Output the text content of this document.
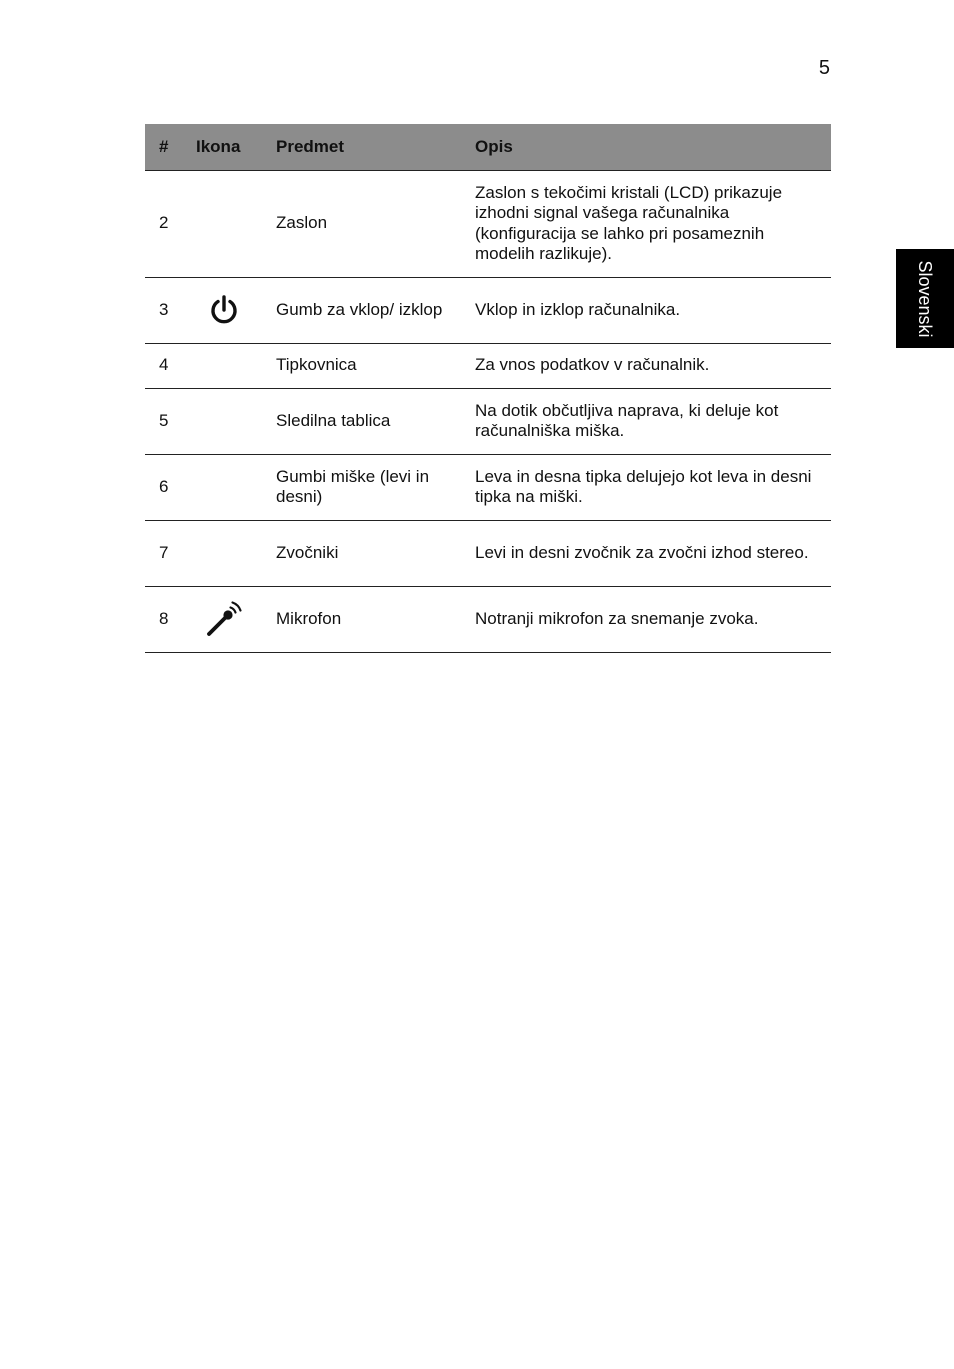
5
Slovenski
#	Ikona	Predmet	Opis
2		Zaslon	Zaslon s tekočimi kristali (LCD) prikazuje izhodni signal vašega računalnika (konfiguracija se lahko pri posameznih modelih razlikuje).
3		Gumb za vklop/ izklop	Vklop in izklop računalnika.
4		Tipkovnica	Za vnos podatkov v računalnik.
5		Sledilna tablica	Na dotik občutljiva naprava, ki deluje kot računalniška miška.
6		Gumbi miške (levi in desni)	Leva in desna tipka delujejo kot leva in desni tipka na miški.
7		Zvočniki	Levi in desni zvočnik za zvočni izhod stereo.
8		Mikrofon	Notranji mikrofon za snemanje zvoka.
